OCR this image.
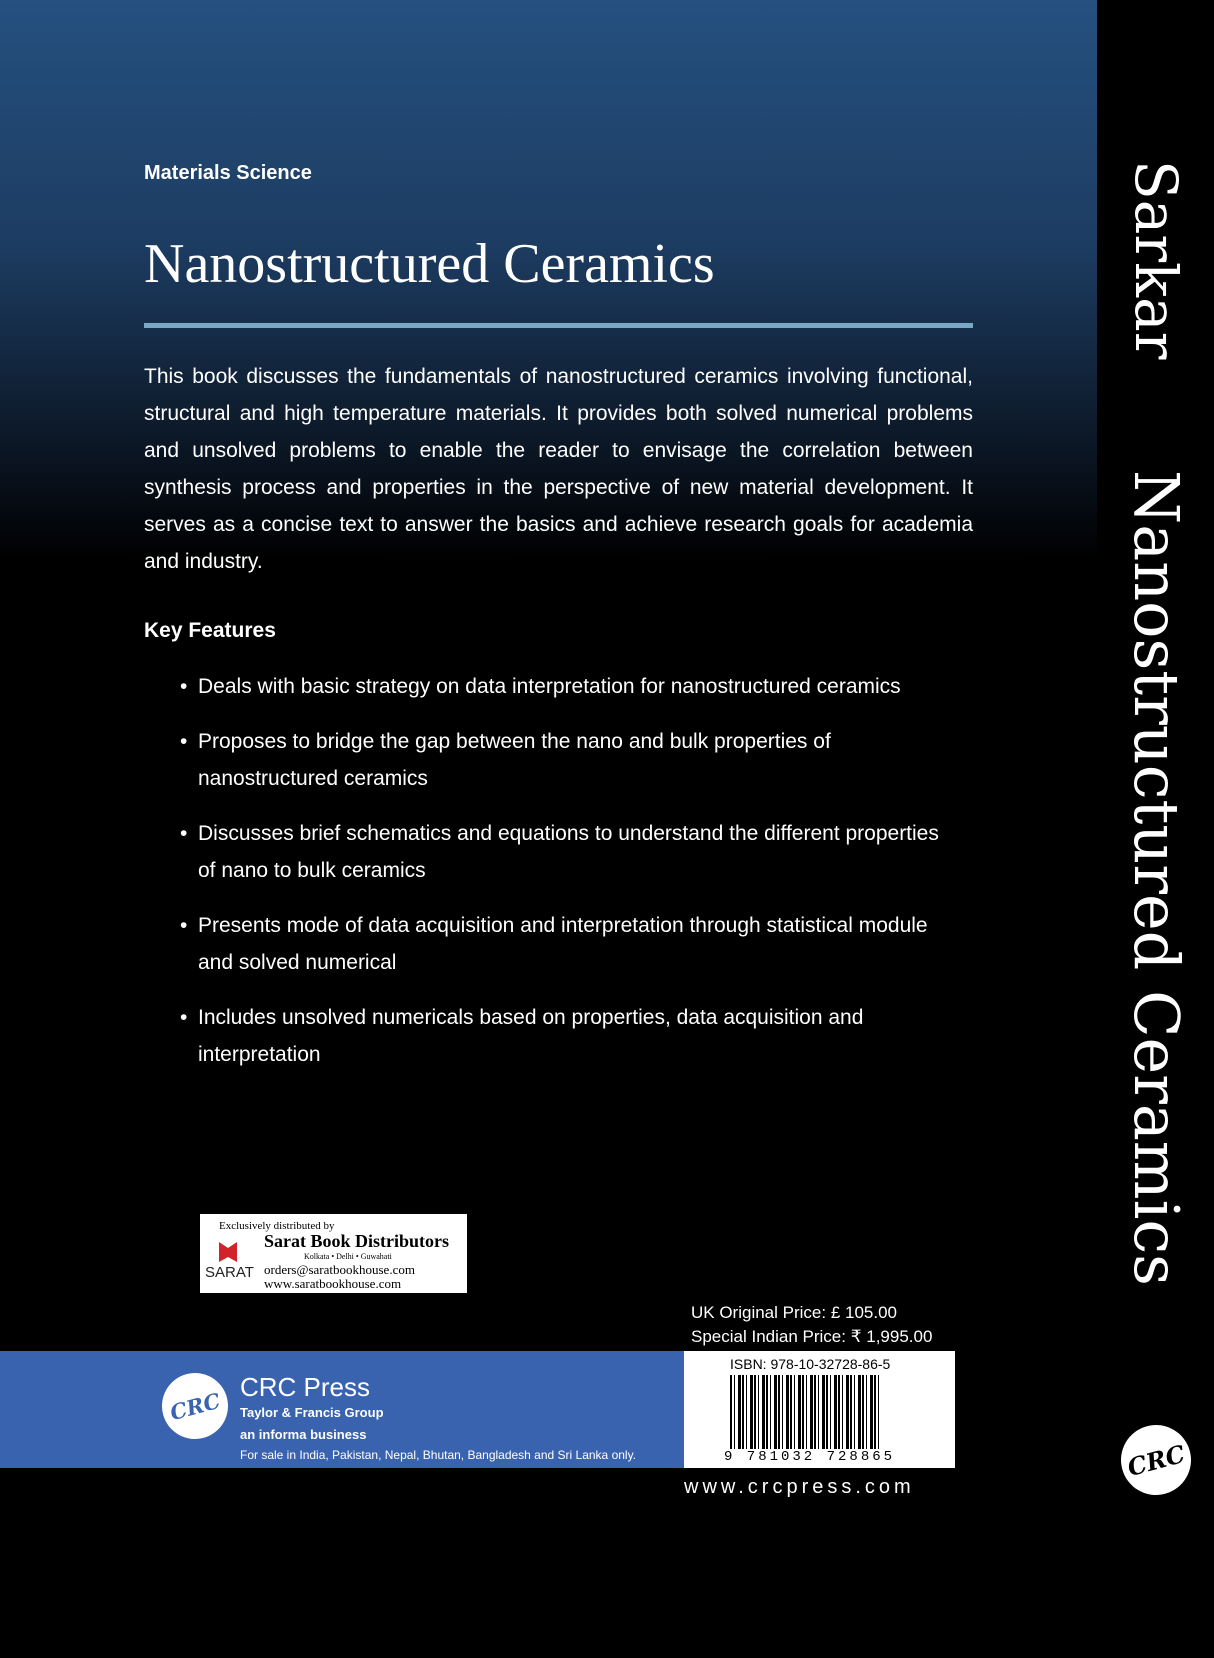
Materials Science
Nanostructured Ceramics

This book discusses the fundamentals of nanostructured ceramics involving functional, structural and high temperature materials. It provides both solved numerical problems and unsolved problems to enable the reader to envisage the correlation between synthesis process and properties in the perspective of new material development. It serves as a concise text to answer the basics and achieve research goals for academia and industry.

Key Features
• Deals with basic strategy on data interpretation for nanostructured ceramics
• Proposes to bridge the gap between the nano and bulk properties of nanostructured ceramics
• Discusses brief schematics and equations to understand the different properties of nano to bulk ceramics
• Presents mode of data acquisition and interpretation through statistical module and solved numerical
• Includes unsolved numericals based on properties, data acquisition and interpretation
Exclusively distributed by
Sarat Book Distributors
Kolkata • Delhi • Guwahati
SARAT orders@saratbookhouse.com
www.saratbookhouse.com
UK Original Price: £ 105.00
Special Indian Price: ₹ 1,995.00
CRC
CRC Press
Taylor & Francis Group
an informa business
For sale in India, Pakistan, Nepal, Bhutan, Bangladesh and Sri Lanka only.
ISBN: 978-10-32728-86-5
9 781032 728865
www.crcpress.com
Sarkar
Nanostructured Ceramics
CRC
